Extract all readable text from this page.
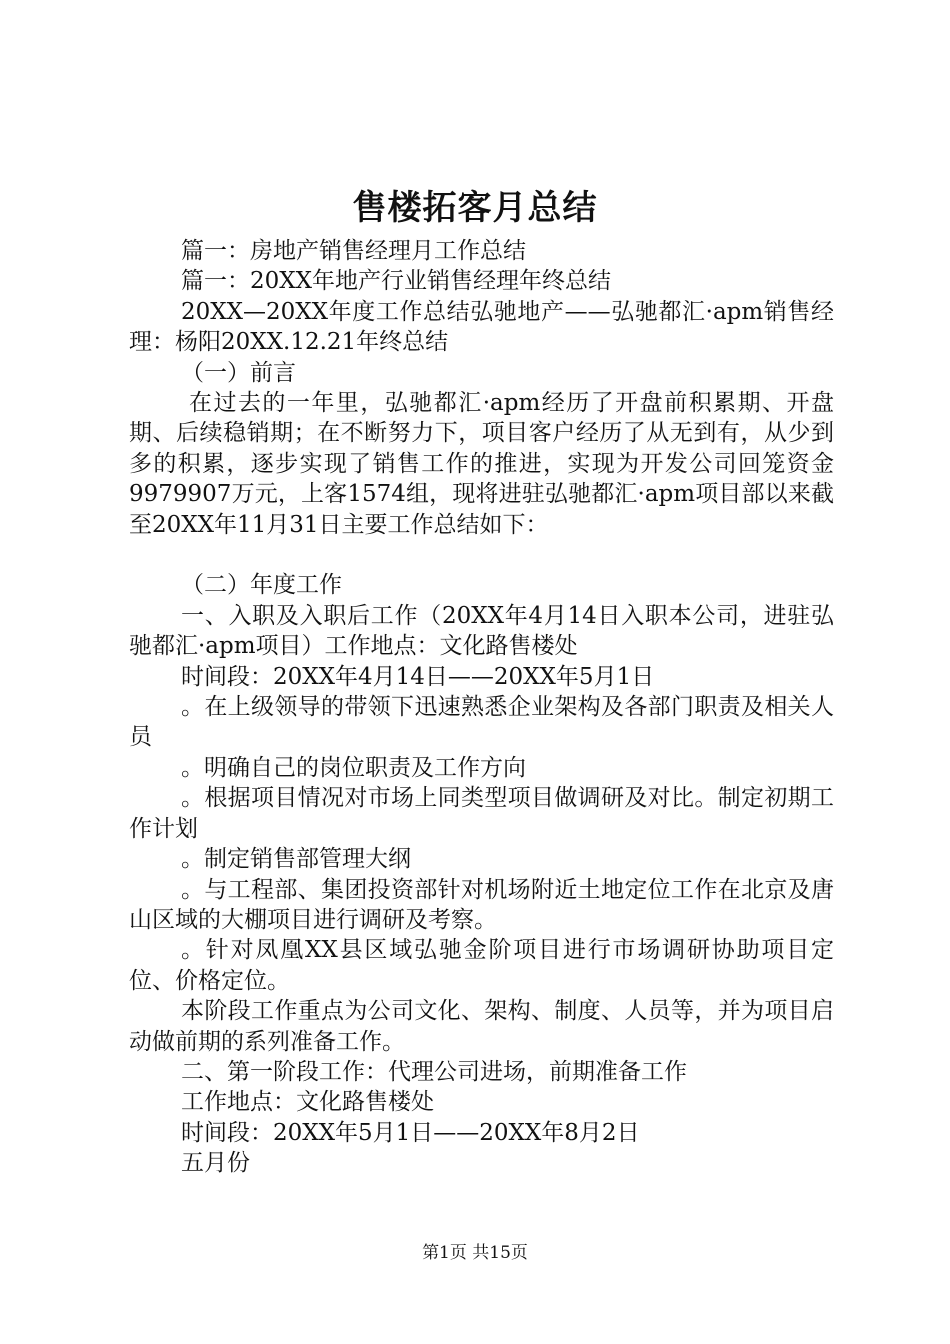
售楼拓客月总结

篇一：房地产销售经理月工作总结

篇一：20XX年地产行业销售经理年终总结

20XX—20XX年度工作总结弘驰地产——弘驰都汇·apm销售经理：杨阳20XX.12.21年终总结

（一）前言

在过去的一年里，弘驰都汇·apm经历了开盘前积累期、开盘期、后续稳销期；在不断努力下，项目客户经历了从无到有，从少到多的积累，逐步实现了销售工作的推进，实现为开发公司回笼资金9979907万元，上客1574组，现将进驻弘驰都汇·apm项目部以来截至20XX年11月31日主要工作总结如下：

（二）年度工作

一、入职及入职后工作（20XX年4月14日入职本公司，进驻弘驰都汇·apm项目）工作地点：文化路售楼处

时间段：20XX年4月14日——20XX年5月1日

。在上级领导的带领下迅速熟悉企业架构及各部门职责及相关人员

。明确自己的岗位职责及工作方向

。根据项目情况对市场上同类型项目做调研及对比。制定初期工作计划

。制定销售部管理大纲

。与工程部、集团投资部针对机场附近土地定位工作在北京及唐山区域的大棚项目进行调研及考察。

。针对凤凰XX县区域弘驰金阶项目进行市场调研协助项目定位、价格定位。

本阶段工作重点为公司文化、架构、制度、人员等，并为项目启动做前期的系列准备工作。

二、第一阶段工作：代理公司进场，前期准备工作

工作地点：文化路售楼处

时间段：20XX年5月1日——20XX年8月2日

五月份

第1页 共15页
